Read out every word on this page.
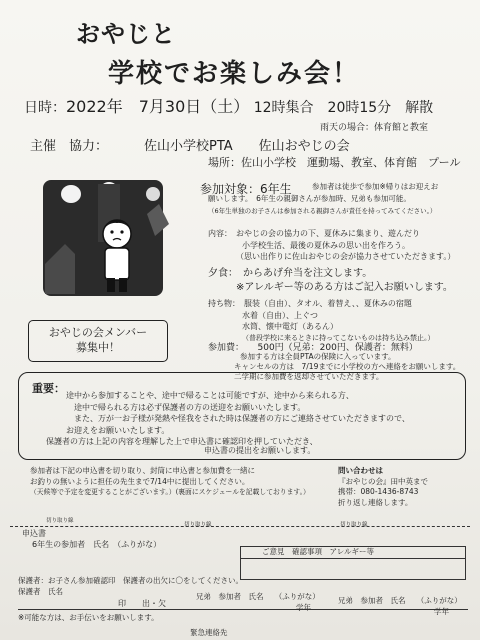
おやじと
学校でお楽しみ会！
日時：2022年　7月30日（土） 12時集合　20時15分　解散
雨天の場合：体育館と教室
主催　協力：	佐山小学校PTA　　佐山おやじの会
場所：佐山小学校　運動場、教室、体育館　プール
参加対象：6年生	参加者は徒歩で参加※帰りはお迎えお
願いします。　6年生の親御さんが参加時、兄弟も参加可能。
（6年生単独のお子さんは参加される親御さんが責任を持ってみてください。）
内容：　おやじの会の協力の下、夏休みに集まり、遊んだり
小学校生活、最後の夏休みの思い出を作ろう。
（思い出作りに佐山おやじの会が協力させていただきます。）
夕食：　からあげ弁当を注文します。
※アレルギー等のある方はご記入お願いします。
持ち物：　服装（自由）、タオル、着替え、、夏休みの宿題
水着（自由）、上ぐつ
水筒、懐中電灯（あるん）
（普段学校に来るときに持ってこないものは持ち込み禁止。）
参加費：　　500円（兄弟：200円、保護者：無料）
参加する方は全員PTAの保険に入っています。
キャンセルの方は　7/19までに小学校の方へ連絡をお願いします。
二学期に参加費を返却させていただきます。
おやじの会メンバー
募集中！
重要：
途中から参加することや、途中で帰ることは可能ですが、途中から来られる方、
途中で帰られる方は必ず保護者の方の送迎をお願いいたします。
また、万が一お子様が発熱や怪我をされた時は保護者の方にご連絡させていただきますので、
お迎えをお願いいたします。
保護者の方は上記の内容を理解した上で申込書に確認印を押していただき、
申込書の提出をお願いします。
参加者は下記の申込書を切り取り、封筒に申込書と参加費を一緒に
お釣りの無いように担任の先生まで7/14中に提出してください。
（天候等で予定を変更することがございます。）(裏面にスケジュールを記載しております。）
問い合わせは
『おやじの会』田中英まで
携帯：080-1436-8743
折り返し連絡します。
切り取り線
切り取り線	切り取り線
申込書
6年生の参加者　氏名　（ふりがな）
ご意見　確認事項　アレルギー等
保護者：お子さん参加確認印　保護者の出欠に〇をしてください。
保護者　氏名
印　　出・欠
兄弟　参加者　氏名　　（ふりがな）
学年
兄弟　参加者　氏名　　（ふりがな）
学年
※可能な方は、お手伝いをお願いします。
緊急連絡先
